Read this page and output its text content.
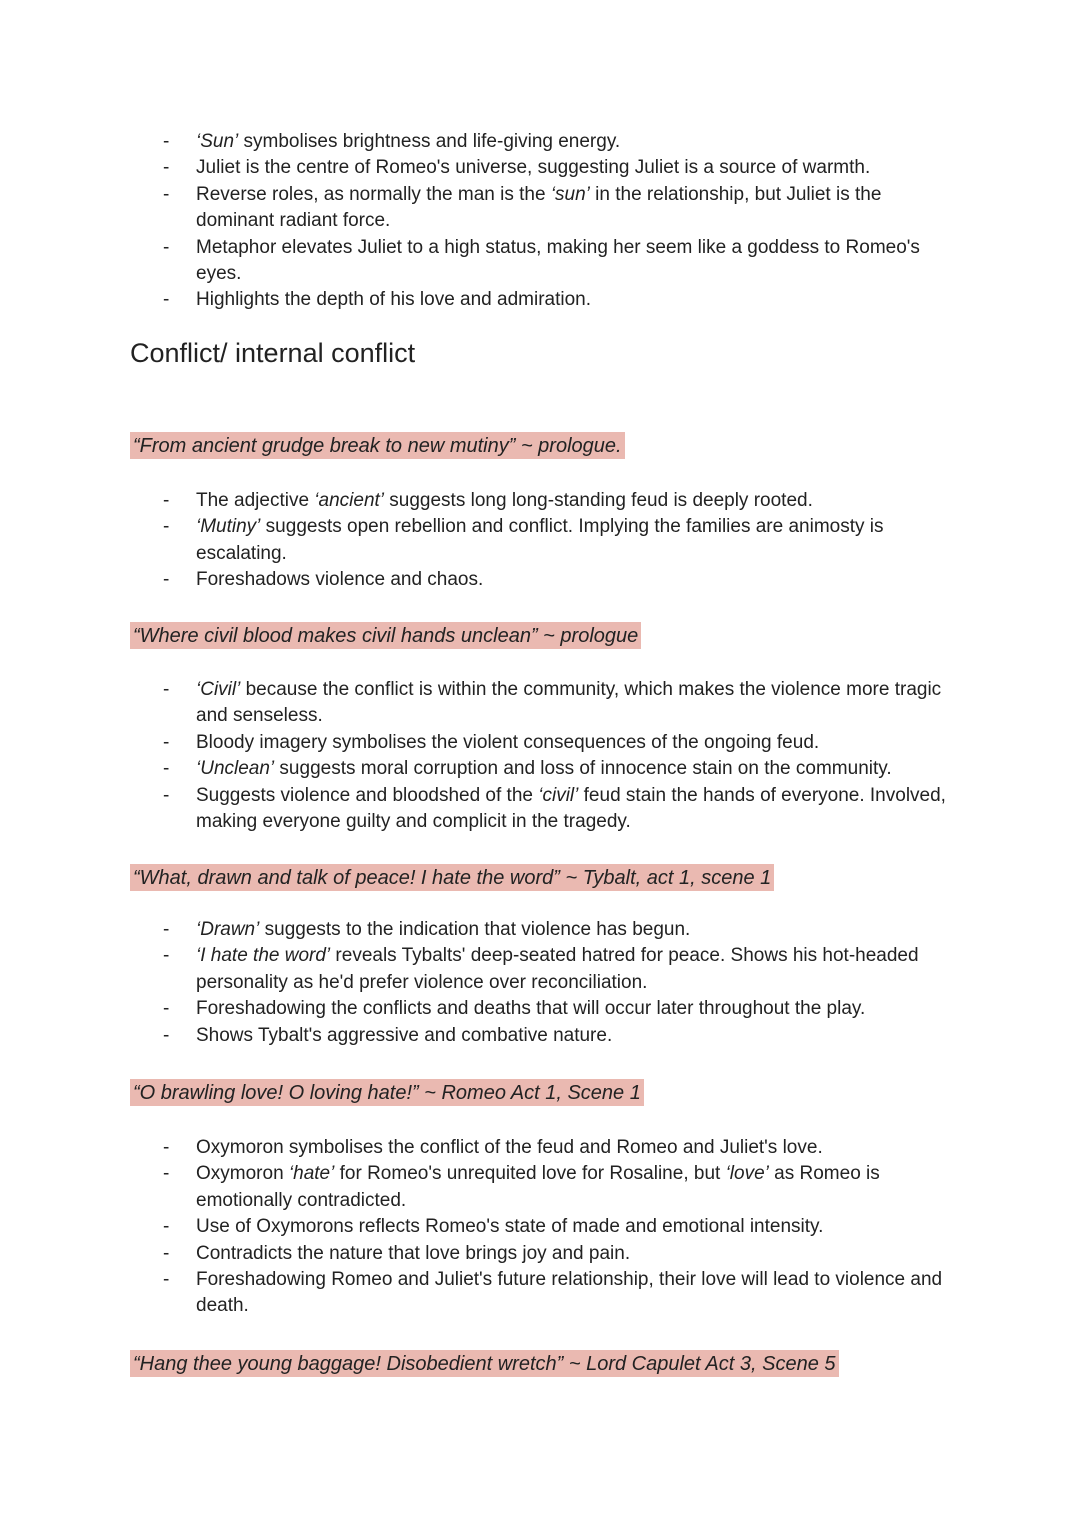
- ‘Sun’ symbolises brightness and life-giving energy.
- Juliet is the centre of Romeo's universe, suggesting Juliet is a source of warmth.
- Reverse roles, as normally the man is the ‘sun’ in the relationship, but Juliet is the dominant radiant force.
- Metaphor elevates Juliet to a high status, making her seem like a goddess to Romeo's eyes.
- Highlights the depth of his love and admiration.
Conflict/ internal conflict
“From ancient grudge break to new mutiny” ~ prologue.
- The adjective ‘ancient’ suggests long long-standing feud is deeply rooted.
- ‘Mutiny’ suggests open rebellion and conflict. Implying the families are animosty is escalating.
- Foreshadows violence and chaos.
“Where civil blood makes civil hands unclean” ~ prologue
- ‘Civil’ because the conflict is within the community, which makes the violence more tragic and senseless.
- Bloody imagery symbolises the violent consequences of the ongoing feud.
- ‘Unclean’ suggests moral corruption and loss of innocence stain on the community.
- Suggests violence and bloodshed of the ‘civil’ feud stain the hands of everyone. Involved, making everyone guilty and complicit in the tragedy.
“What, drawn and talk of peace! I hate the word” ~ Tybalt, act 1, scene 1
- ‘Drawn’ suggests to the indication that violence has begun.
- ‘I hate the word’ reveals Tybalts' deep-seated hatred for peace. Shows his hot-headed personality as he'd prefer violence over reconciliation.
- Foreshadowing the conflicts and deaths that will occur later throughout the play.
- Shows Tybalt's aggressive and combative nature.
“O brawling love! O loving hate!” ~ Romeo Act 1, Scene 1
- Oxymoron symbolises the conflict of the feud and Romeo and Juliet's love.
- Oxymoron ‘hate’ for Romeo's unrequited love for Rosaline, but ‘love’ as Romeo is emotionally contradicted.
- Use of Oxymorons reflects Romeo's state of made and emotional intensity.
- Contradicts the nature that love brings joy and pain.
- Foreshadowing Romeo and Juliet's future relationship, their love will lead to violence and death.
“Hang thee young baggage! Disobedient wretch” ~ Lord Capulet Act 3, Scene 5
